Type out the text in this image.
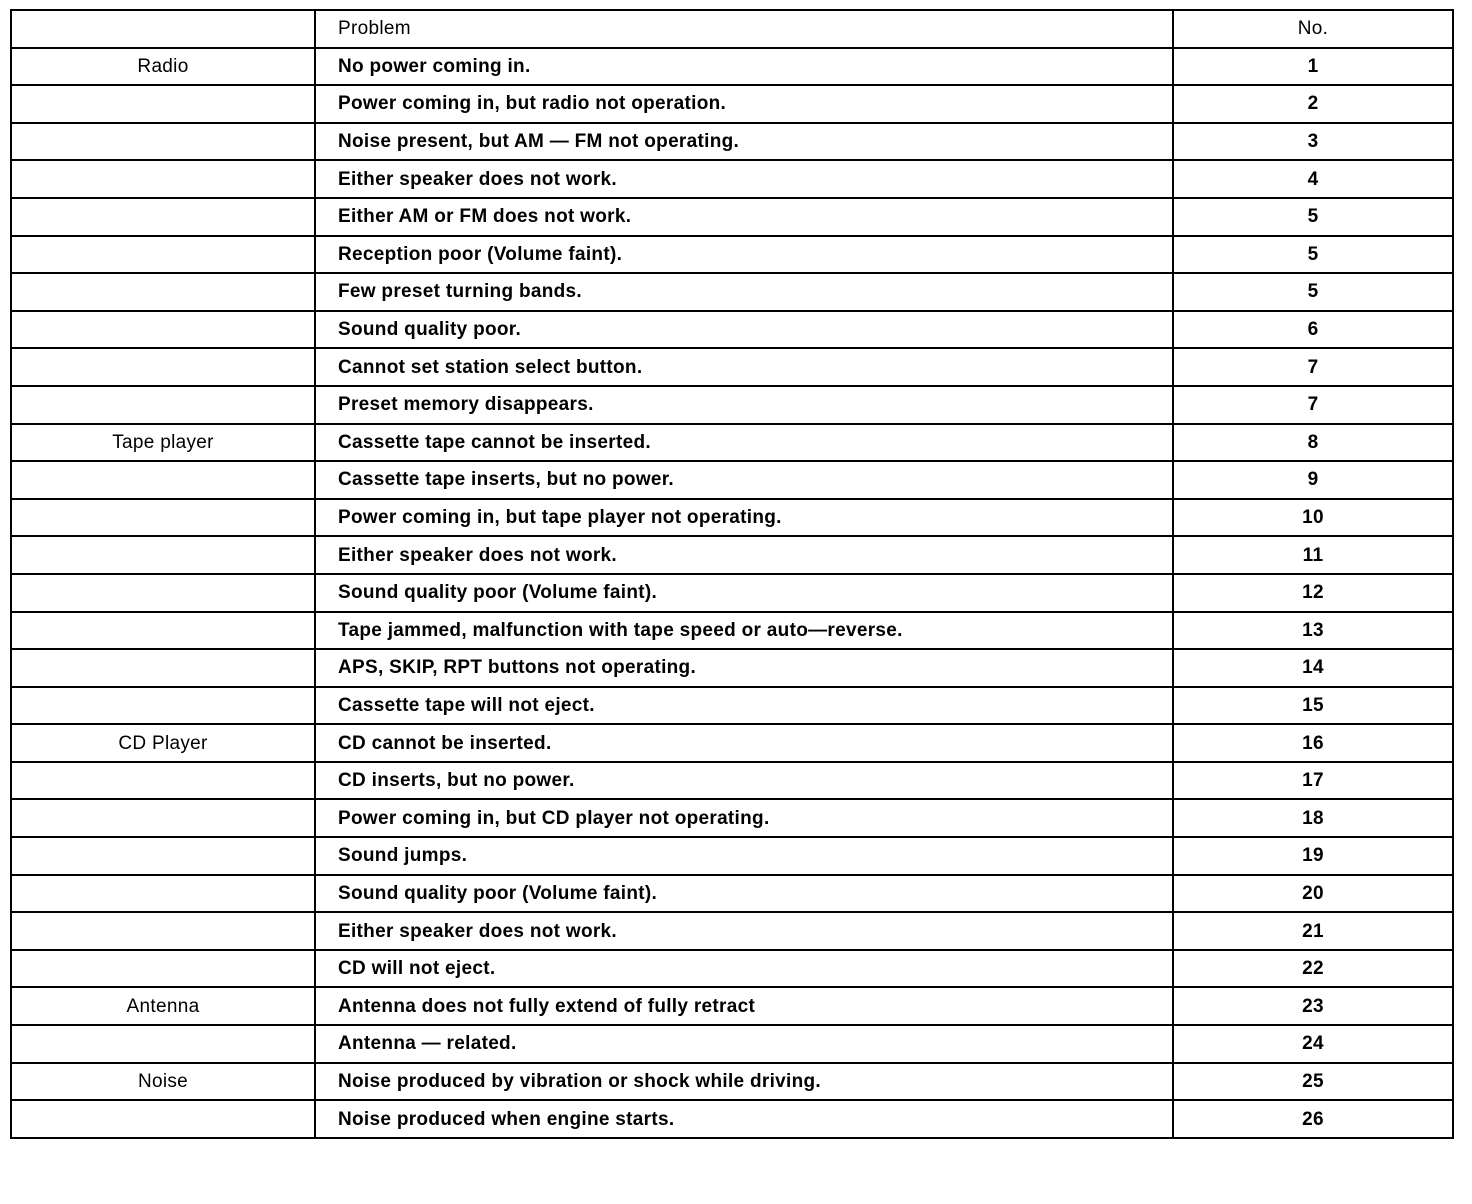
	Problem	No.
Radio	No power coming in.	1
	Power coming in, but radio not operation.	2
	Noise present, but AM — FM not operating.	3
	Either speaker does not work.	4
	Either AM or FM does not work.	5
	Reception poor (Volume faint).	5
	Few preset turning bands.	5
	Sound quality poor.	6
	Cannot set station select button.	7
	Preset memory disappears.	7
Tape player	Cassette tape cannot be inserted.	8
	Cassette tape inserts, but no power.	9
	Power coming in, but tape player not operating.	10
	Either speaker does not work.	11
	Sound quality poor (Volume faint).	12
	Tape jammed, malfunction with tape speed or auto—reverse.	13
	APS, SKIP, RPT buttons not operating.	14
	Cassette tape will not eject.	15
CD Player	CD cannot be inserted.	16
	CD inserts, but no power.	17
	Power coming in, but CD player not operating.	18
	Sound jumps.	19
	Sound quality poor (Volume faint).	20
	Either speaker does not work.	21
	CD will not eject.	22
Antenna	Antenna does not fully extend of fully retract	23
	Antenna — related.	24
Noise	Noise produced by vibration or shock while driving.	25
	Noise produced when engine starts.	26
